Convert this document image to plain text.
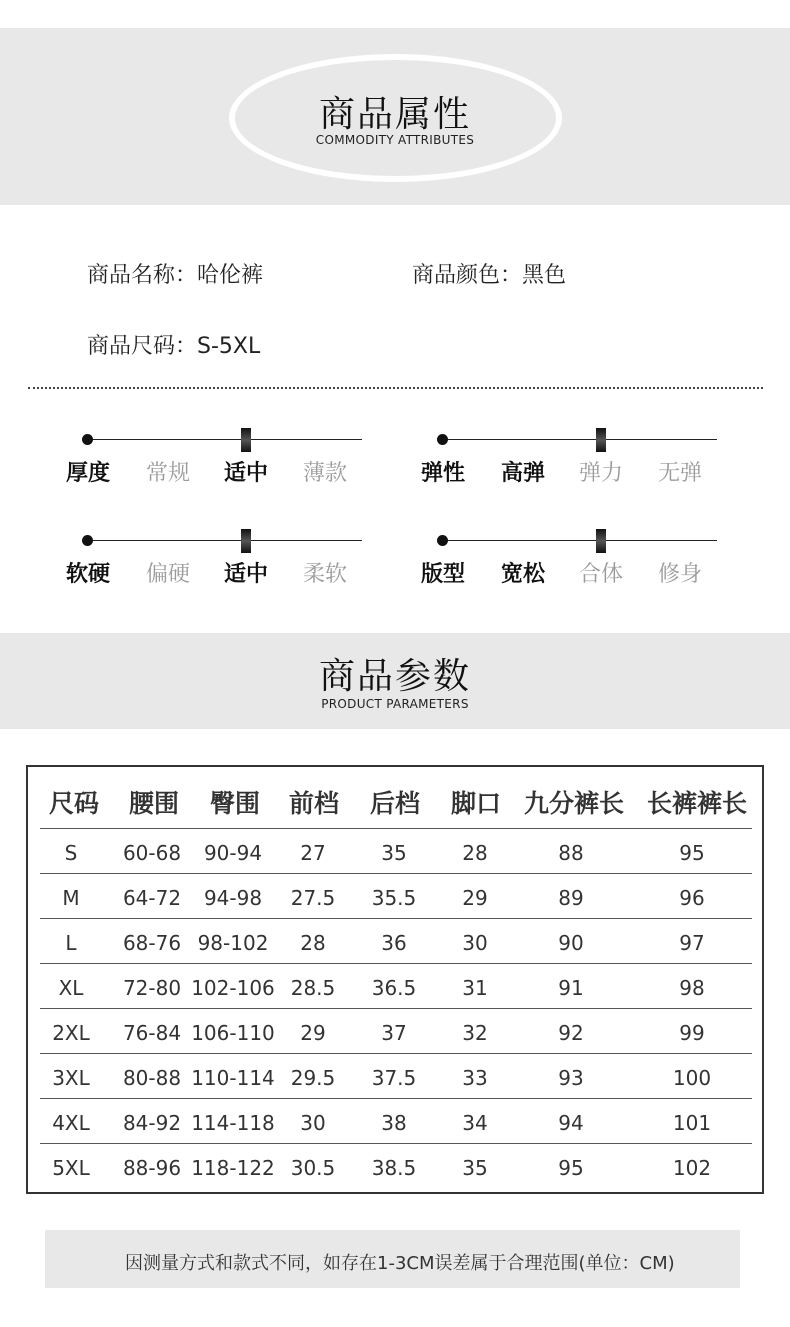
商品属性
COMMODITY ATTRIBUTES
商品名称：哈伦裤	商品颜色：黑色
商品尺码：S-5XL
厚度 常规 适中 薄款	弹性 高弹 弹力 无弹
软硬 偏硬 适中 柔软	版型 宽松 合体 修身
商品参数
PRODUCT PARAMETERS
尺码 腰围 臀围 前档 后档 脚口 九分裤长 长裤裤长
S 60-68 90-94 27	35	28	88	95
M 64-72 94-98 27.5 35.5 29	89	96
L 68-76 98-102 28	36	30	90	97
XL 72-80 102-106 28.5 36.5 31	91	98
2XL 76-84 106-110 29	37	32	92	99
3XL 80-88 110-114 29.5 37.5 33	93	100
4XL 84-92 114-118 30	38	34	94	101
5XL 88-96 118-122 30.5 38.5 35	95	102
因测量方式和款式不同，如存在1-3CM误差属于合理范围(单位：CM)
